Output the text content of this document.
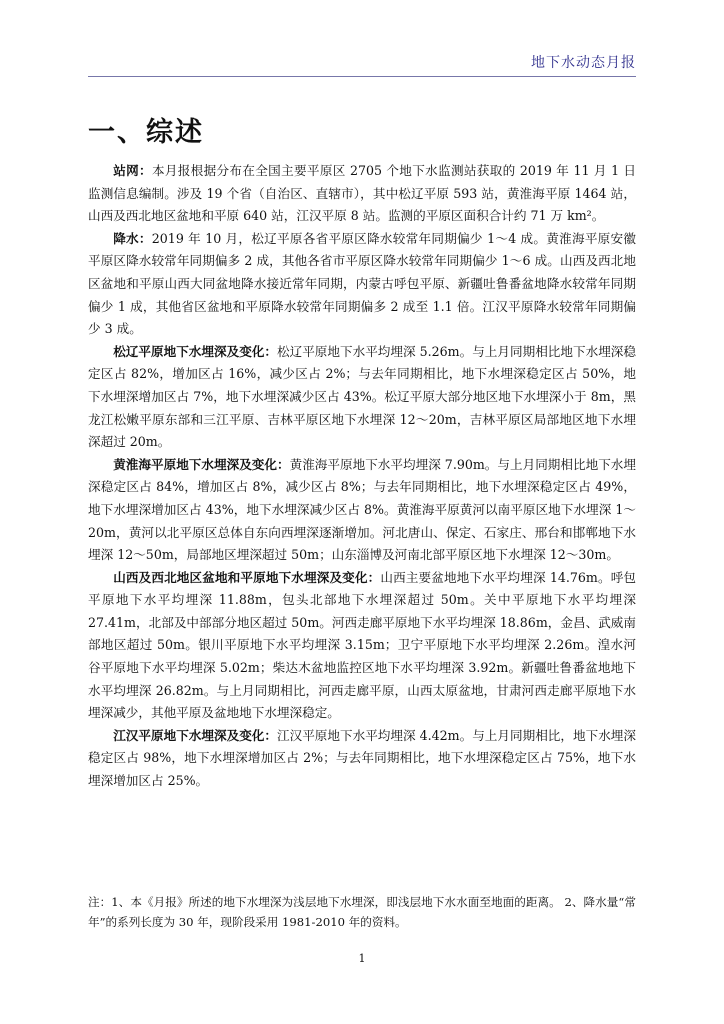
地下水动态月报
一、综述

站网：本月报根据分布在全国主要平原区 2705 个地下水监测站获取的 2019 年 11 月 1 日监测信息编制。涉及 19 个省（自治区、直辖市），其中松辽平原 593 站，黄淮海平原 1464 站，山西及西北地区盆地和平原 640 站，江汉平原 8 站。监测的平原区面积合计约 71 万 km²。

降水：2019 年 10 月，松辽平原各省平原区降水较常年同期偏少 1～4 成。黄淮海平原安徽平原区降水较常年同期偏多 2 成，其他各省市平原区降水较常年同期偏少 1～6 成。山西及西北地区盆地和平原山西大同盆地降水接近常年同期，内蒙古呼包平原、新疆吐鲁番盆地降水较常年同期偏少 1 成，其他省区盆地和平原降水较常年同期偏多 2 成至 1.1 倍。江汉平原降水较常年同期偏少 3 成。

松辽平原地下水埋深及变化：松辽平原地下水平均埋深 5.26m。与上月同期相比地下水埋深稳定区占 82%，增加区占 16%，减少区占 2%；与去年同期相比，地下水埋深稳定区占 50%，地下水埋深增加区占 7%，地下水埋深减少区占 43%。松辽平原大部分地区地下水埋深小于 8m，黑龙江松嫩平原东部和三江平原、吉林平原区地下水埋深 12～20m，吉林平原区局部地区地下水埋深超过 20m。

黄淮海平原地下水埋深及变化：黄淮海平原地下水平均埋深 7.90m。与上月同期相比地下水埋深稳定区占 84%，增加区占 8%，减少区占 8%；与去年同期相比，地下水埋深稳定区占 49%，地下水埋深增加区占 43%，地下水埋深减少区占 8%。黄淮海平原黄河以南平原区地下水埋深 1～20m，黄河以北平原区总体自东向西埋深逐渐增加。河北唐山、保定、石家庄、邢台和邯郸地下水埋深 12～50m，局部地区埋深超过 50m；山东淄博及河南北部平原区地下水埋深 12～30m。

山西及西北地区盆地和平原地下水埋深及变化：山西主要盆地地下水平均埋深 14.76m。呼包平原地下水平均埋深 11.88m，包头北部地下水埋深超过 50m。关中平原地下水平均埋深 27.41m，北部及中部部分地区超过 50m。河西走廊平原地下水平均埋深 18.86m，金昌、武威南部地区超过 50m。银川平原地下水平均埋深 3.15m；卫宁平原地下水平均埋深 2.26m。湟水河谷平原地下水平均埋深 5.02m；柴达木盆地监控区地下水平均埋深 3.92m。新疆吐鲁番盆地地下水平均埋深 26.82m。与上月同期相比，河西走廊平原，山西太原盆地，甘肃河西走廊平原地下水埋深减少，其他平原及盆地地下水埋深稳定。

江汉平原地下水埋深及变化：江汉平原地下水平均埋深 4.42m。与上月同期相比，地下水埋深稳定区占 98%，地下水埋深增加区占 2%；与去年同期相比，地下水埋深稳定区占 75%，地下水埋深增加区占 25%。

注：1、本《月报》所述的地下水埋深为浅层地下水埋深，即浅层地下水水面至地面的距离。 2、降水量“常年”的系列长度为 30 年，现阶段采用 1981-2010 年的资料。

1
